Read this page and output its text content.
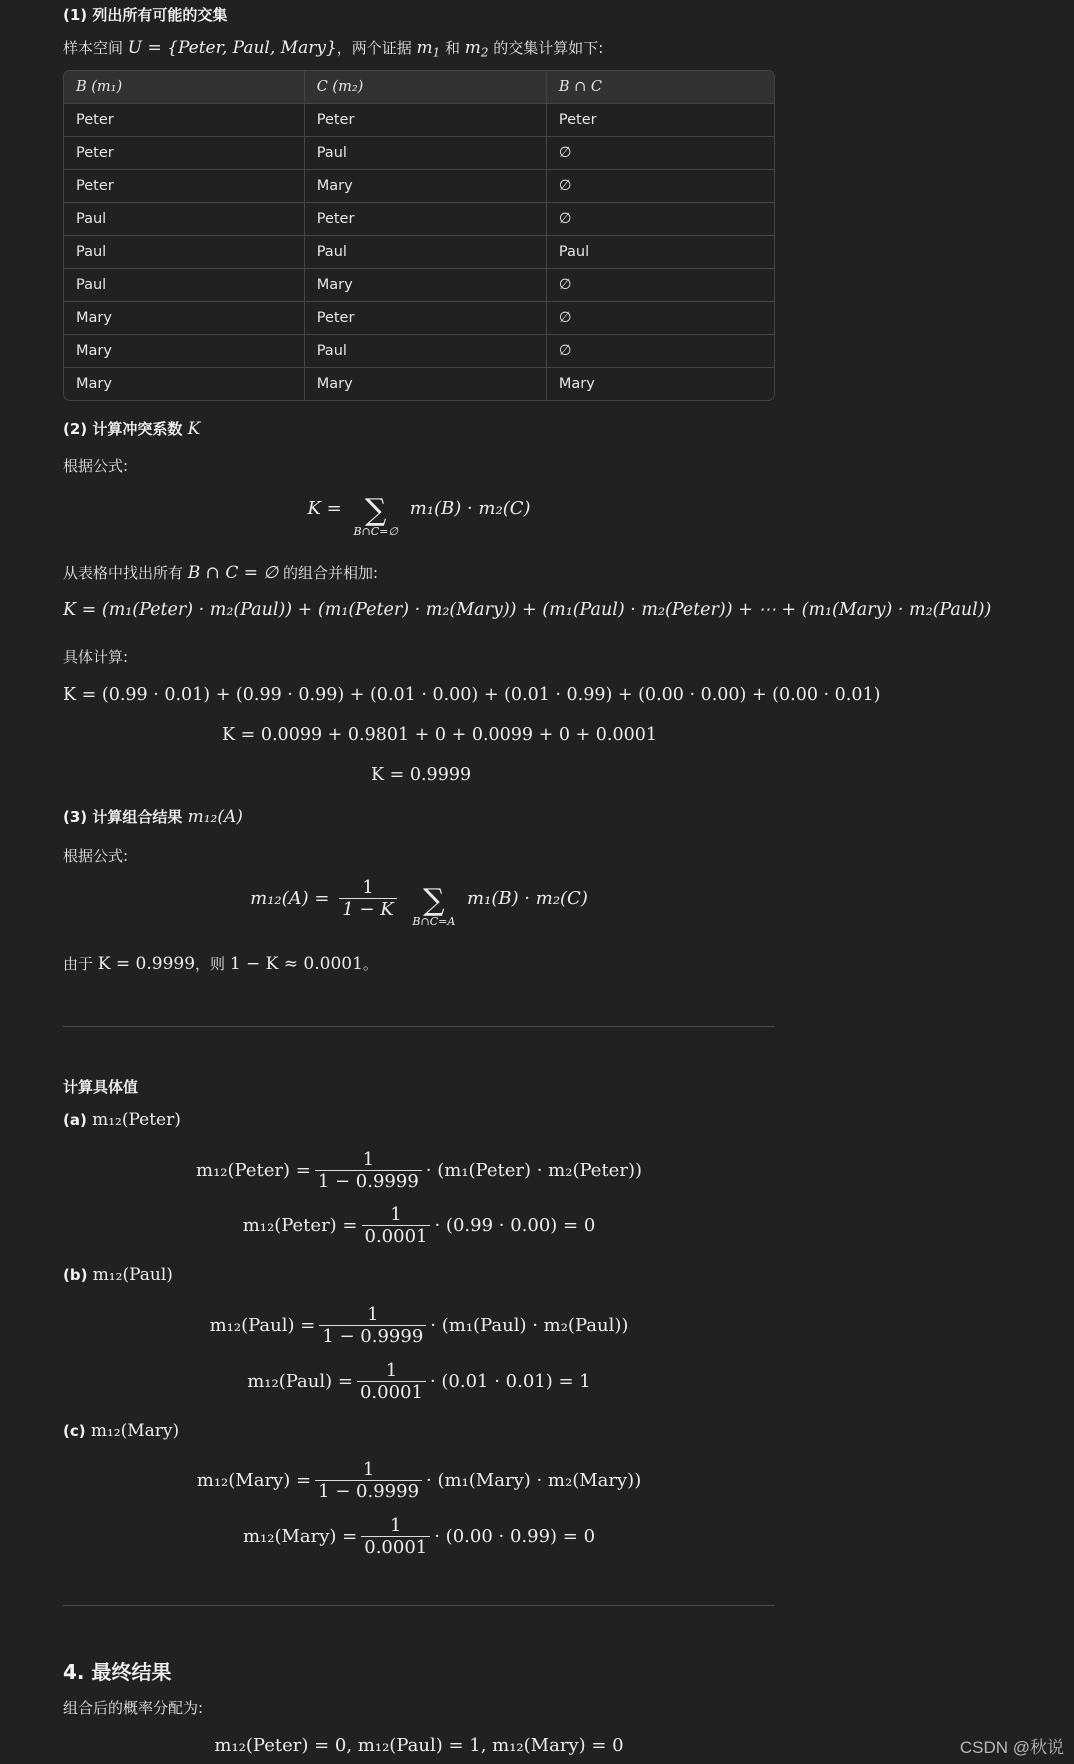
(1) 列出所有可能的交集
样本空间 U = {Peter, Paul, Mary}，两个证据 $m_1$ 和 $m_2$ 的交集计算如下:
B (m₁)	C (m₂)	B ∩ C
Peter	Peter	Peter
Peter	Paul	∅
Peter	Mary	∅
Paul	Peter	∅
Paul	Paul	Paul
Paul	Mary	∅
Mary	Peter	∅
Mary	Paul	∅
Mary	Mary	Mary
(2) 计算冲突系数 K
根据公式:
K = ∑
B∩C=∅
m₁(B) · m₂(C)
从表格中找出所有 B ∩ C = ∅ 的组合并相加:
K = (m₁(Peter) · m₂(Paul)) + (m₁(Peter) · m₂(Mary)) + (m₁(Paul) · m₂(Peter)) + ⋯ + (m₁(Mary) · m₂(Paul))
具体计算:
K = (0.99 · 0.01) + (0.99 · 0.99) + (0.01 · 0.00) + (0.01 · 0.99) + (0.00 · 0.00) + (0.00 · 0.01)
K = 0.0099 + 0.9801 + 0 + 0.0099 + 0 + 0.0001
K = 0.9999
(3) 计算组合结果 m₁₂(A)
根据公式:
$m_{12}(A) = \frac{1}{1 - K}$
∑
B∩C=A
m₁(B) · m₂(C)
由于 K = 0.9999，则 1 − K ≈ 0.0001。
计算具体值
(a) m₁₂(Peter)
m₁₂(Peter) = $\frac{1}{1 - 0.9999}$ · (m₁(Peter) · m₂(Peter))
m₁₂(Peter) = $\frac{1}{0.0001} \cdot (0.99 \cdot 0.00) = 0$
(b) m₁₂(Paul)
m₁₂(Paul) = $\frac{1}{1 - 0.9999}$ · (m₁(Paul) · m₂(Paul))
m₁₂(Paul) = $\frac{1}{0.0001} \cdot (0.01 \cdot 0.01) = 1$
(c) m₁₂(Mary)
m₁₂(Mary) = $\frac{1}{1 - 0.9999}$ · (m₁(Mary) · m₂(Mary))
m₁₂(Mary) = $\frac{1}{0.0001} \cdot (0.00 \cdot 0.99) = 0$
4. 最终结果
组合后的概率分配为:
m₁₂(Peter) = 0, m₁₂(Paul) = 1, m₁₂(Mary) = 0	CSDN @秋说
